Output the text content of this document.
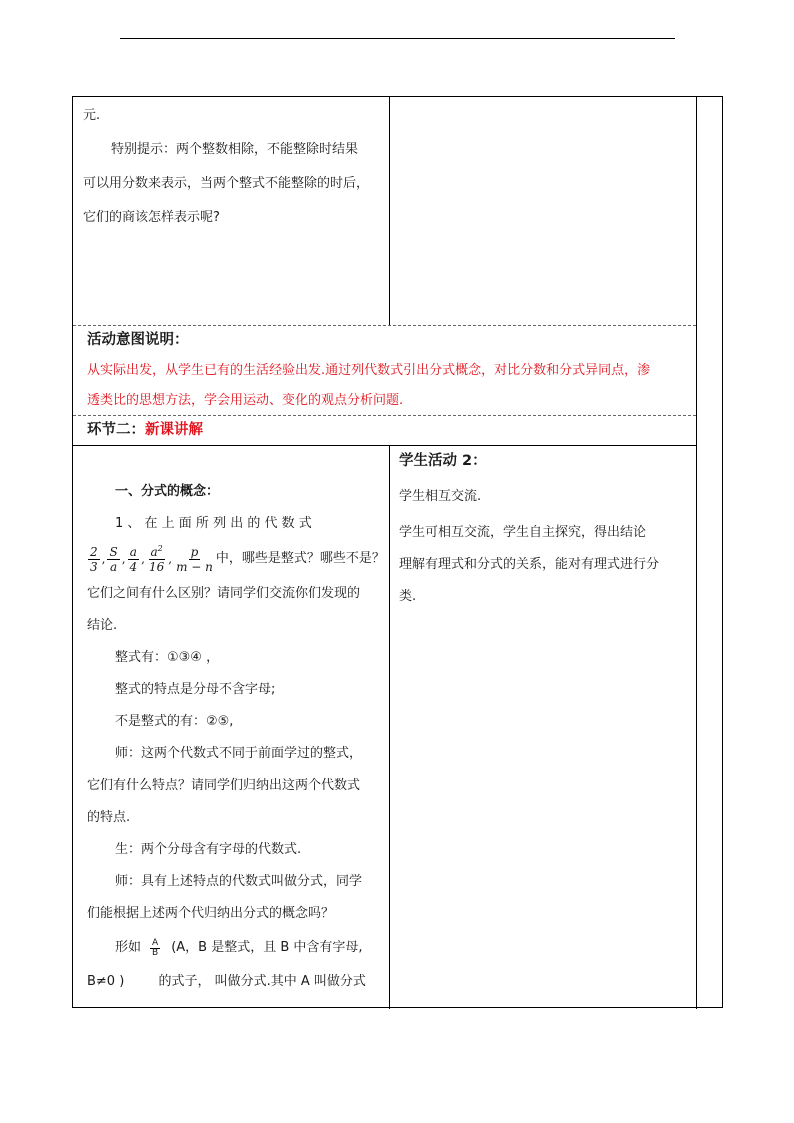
元.

特别提示：两个整数相除，不能整除时结果

可以用分数来表示，当两个整式不能整除的时后，

它们的商该怎样表示呢?

活动意图说明：

从实际出发，从学生已有的生活经验出发.通过列代数式引出分式概念，对比分数和分式异同点，渗

透类比的思想方法，学会用运动、变化的观点分析问题.

环节二：新课讲解

一、分式的概念：

1 、 在 上 面 所 列 出 的 代 数 式

$\frac{2}{3}$ , $\frac{S}{a}$ , $\frac{a}{4}$ , $\frac{a^2}{16}$ , $\frac{p}{m - n}$ 中，哪些是整式？哪些不是？

它们之间有什么区别？请同学们交流你们发现的

结论.

整式有：①③④ ，

整式的特点是分母不含字母;

不是整式的有：②⑤,

师：这两个代数式不同于前面学过的整式，

它们有什么特点？请同学们归纳出这两个代数式

的特点.

生：两个分母含有字母的代数式.

师：具有上述特点的代数式叫做分式，同学

们能根据上述两个代归纳出分式的概念吗？

形如 $\frac{A}{B} (A$，B 是整式，且 B 中含有字母,

B≠0 )	的式子， 叫做分式.其中 A 叫做分式

学生活动 2：

学生相互交流.

学生可相互交流，学生自主探究，得出结论

理解有理式和分式的关系，能对有理式进行分

类.
